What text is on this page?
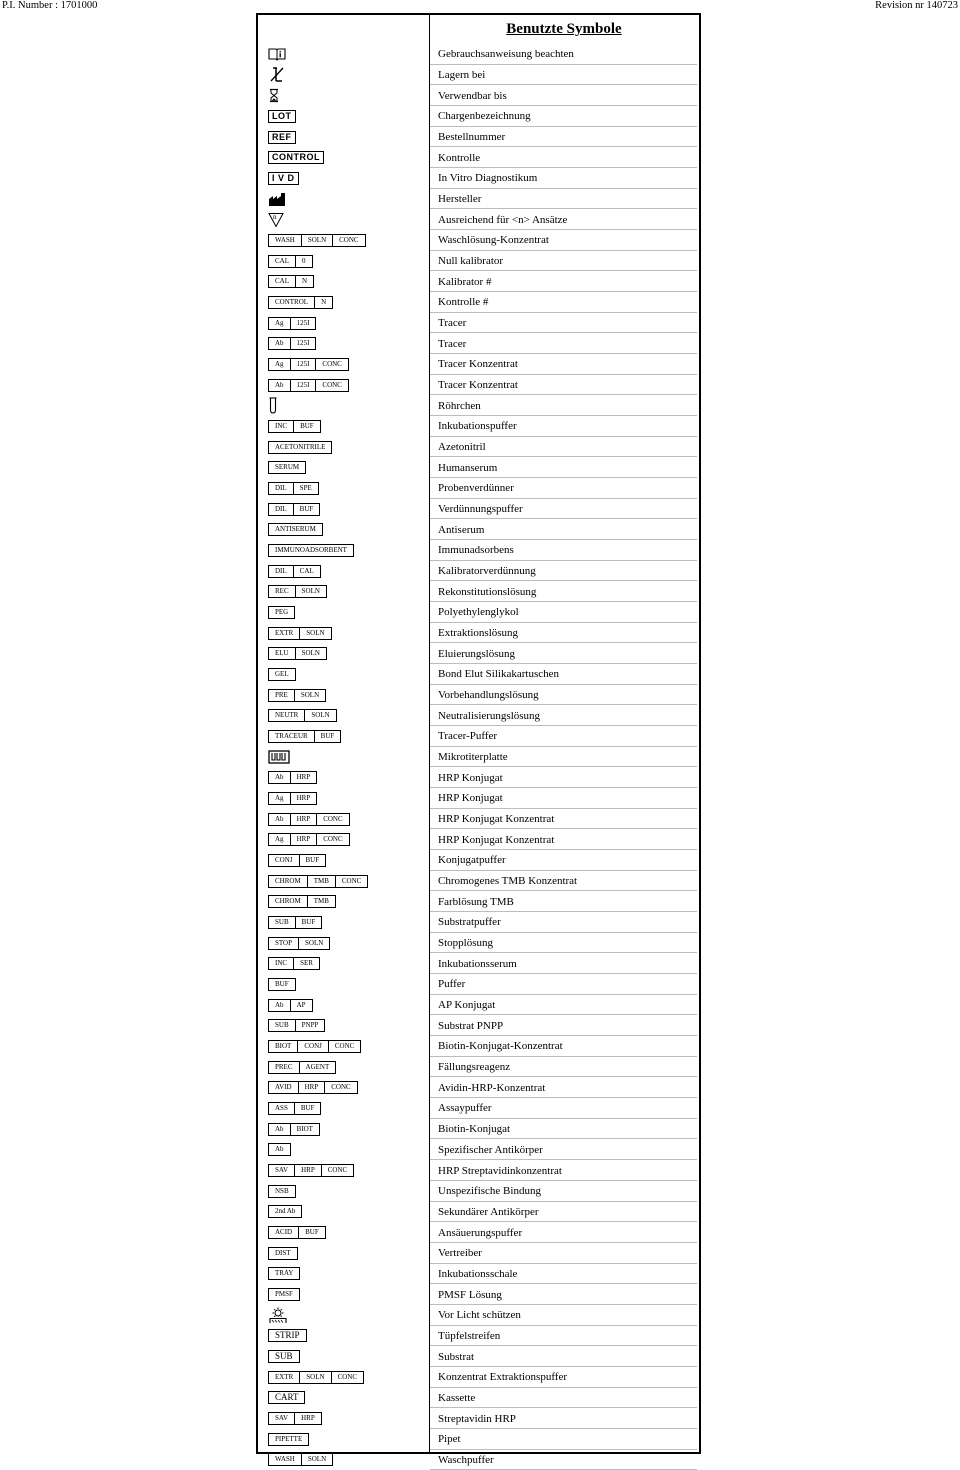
P.I. Number : 1701000	Revision nr 140723
Benutzte Symbole
Gebrauchsanweisung beachten
Lagern bei
Verwendbar bis
LOT	Chargenbezeichnung
REF	Bestellnummer
CONTROL	Kontrolle
I V D	In Vitro Diagnostikum
Hersteller
n	Ausreichend für <n> Ansätze
WASH	SOLN	CONC	Waschlösung-Konzentrat
CAL	0	Null kalibrator
CAL	N	Kalibrator #
CONTROL	N	Kontrolle #
Ag	125I	Tracer
Ab	125I	Tracer
Ag	125I	CONC	Tracer Konzentrat
Ab	125I	CONC	Tracer Konzentrat
Röhrchen
INC	BUF	Inkubationspuffer
ACETONITRILE	Azetonitril
SERUM	Humanserum
DIL	SPE	Probenverdünner
DIL	BUF	Verdünnungspuffer
ANTISERUM	Antiserum
IMMUNOADSORBENT	Immunadsorbens
DIL	CAL	Kalibratorverdünnung
REC	SOLN	Rekonstitutionslösung
PEG	Polyethylenglykol
EXTR	SOLN	Extraktionslösung
ELU	SOLN	Eluierungslösung
GEL	Bond Elut Silikakartuschen
PRE	SOLN	Vorbehandlungslösung
NEUTR	SOLN	Neutralisierungslösung
TRACEUR	BUF	Tracer-Puffer
Mikrotiterplatte
Ab	HRP	HRP Konjugat
Ag	HRP	HRP Konjugat
Ab	HRP	CONC	HRP Konjugat Konzentrat
Ag	HRP	CONC	HRP Konjugat Konzentrat
CONJ	BUF	Konjugatpuffer
CHROM	TMB	CONC	Chromogenes TMB Konzentrat
CHROM	TMB	Farblösung TMB
SUB	BUF	Substratpuffer
STOP	SOLN	Stopplösung
INC	SER	Inkubationsserum
BUF	Puffer
Ab	AP	AP Konjugat
SUB	PNPP	Substrat PNPP
BIOT	CONJ	CONC	Biotin-Konjugat-Konzentrat
PREC	AGENT	Fällungsreagenz
AVID	HRP	CONC	Avidin-HRP-Konzentrat
ASS	BUF	Assaypuffer
Ab	BIOT	Biotin-Konjugat
Ab	Spezifischer Antikörper
SAV	HRP	CONC	HRP Streptavidinkonzentrat
NSB	Unspezifische Bindung
2nd Ab	Sekundärer Antikörper
ACID	BUF	Ansäuerungspuffer
DIST	Vertreiber
TRAY	Inkubationsschale
PMSF	PMSF Lösung
Vor Licht schützen
STRIP	Tüpfelstreifen
SUB	Substrat
EXTR	SOLN	CONC	Konzentrat Extraktionspuffer
CART	Kassette
SAV	HRP	Streptavidin HRP
PIPETTE	Pipet
WASH	SOLN	Waschpuffer
